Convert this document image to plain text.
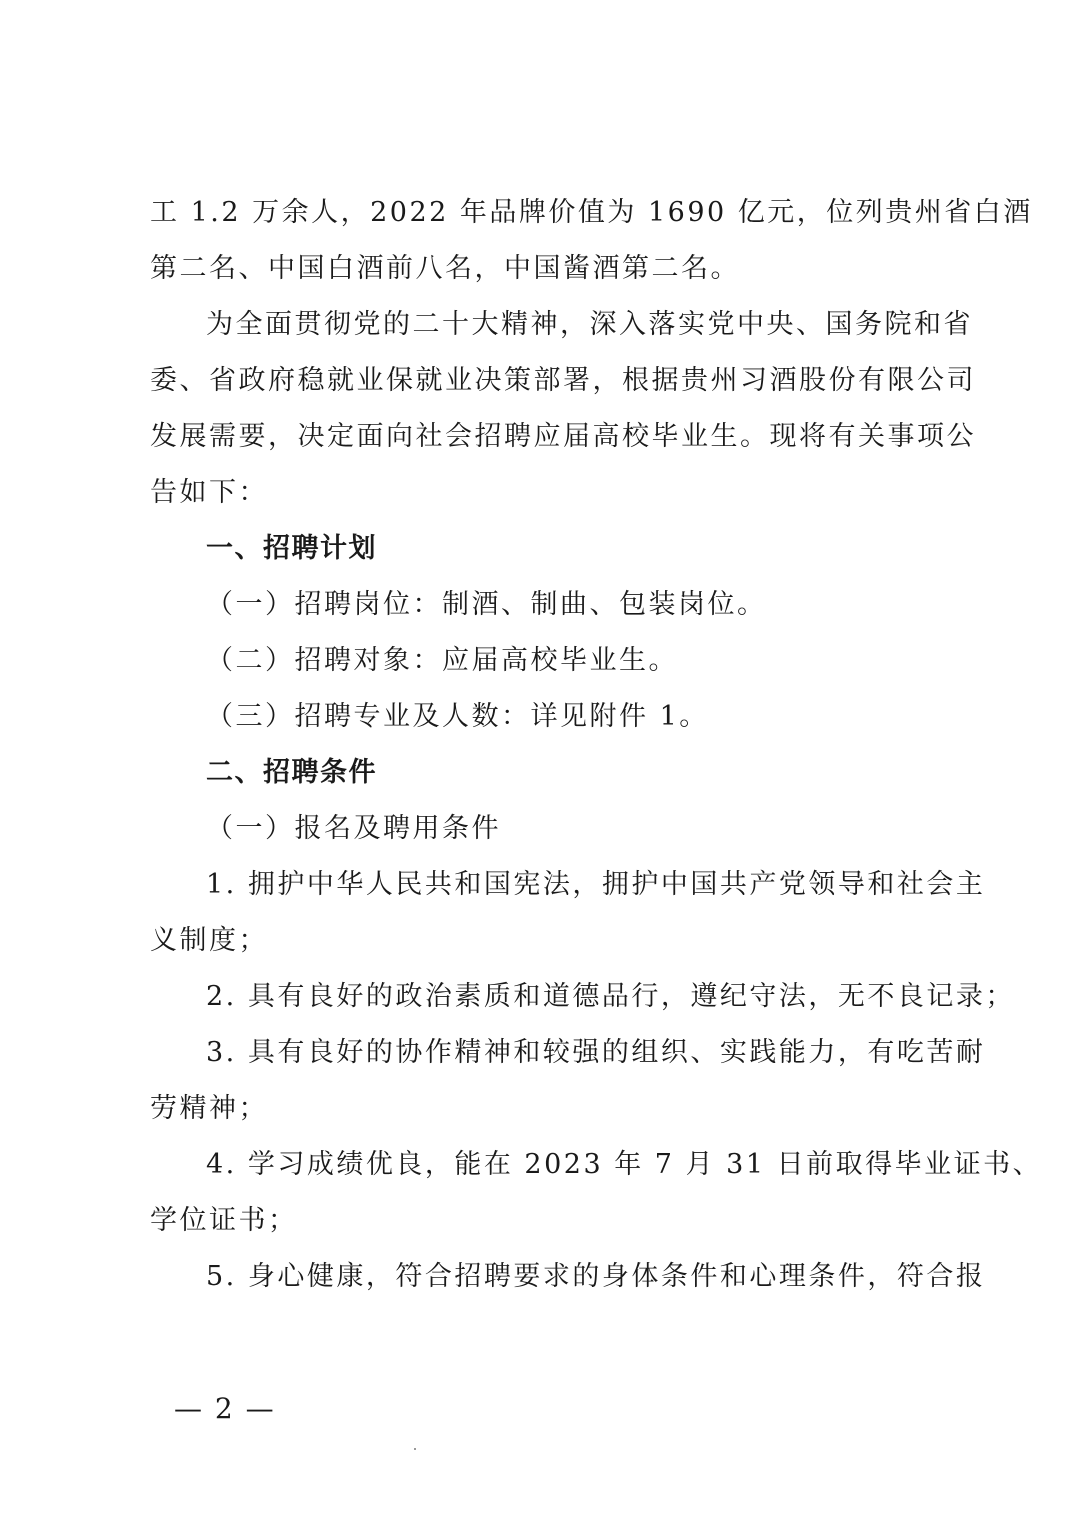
工 1.2 万余人，2022 年品牌价值为 1690 亿元，位列贵州省白酒
第二名、中国白酒前八名，中国酱酒第二名。
为全面贯彻党的二十大精神，深入落实党中央、国务院和省
委、省政府稳就业保就业决策部署，根据贵州习酒股份有限公司
发展需要，决定面向社会招聘应届高校毕业生。现将有关事项公
告如下：
一、招聘计划
（一）招聘岗位：制酒、制曲、包装岗位。
（二）招聘对象：应届高校毕业生。
（三）招聘专业及人数：详见附件 1。
二、招聘条件
（一）报名及聘用条件
1. 拥护中华人民共和国宪法，拥护中国共产党领导和社会主
义制度；
2. 具有良好的政治素质和道德品行，遵纪守法，无不良记录；
3. 具有良好的协作精神和较强的组织、实践能力，有吃苦耐
劳精神；
4. 学习成绩优良，能在 2023 年 7 月 31 日前取得毕业证书、
学位证书；
5. 身心健康，符合招聘要求的身体条件和心理条件，符合报
— 2 —
